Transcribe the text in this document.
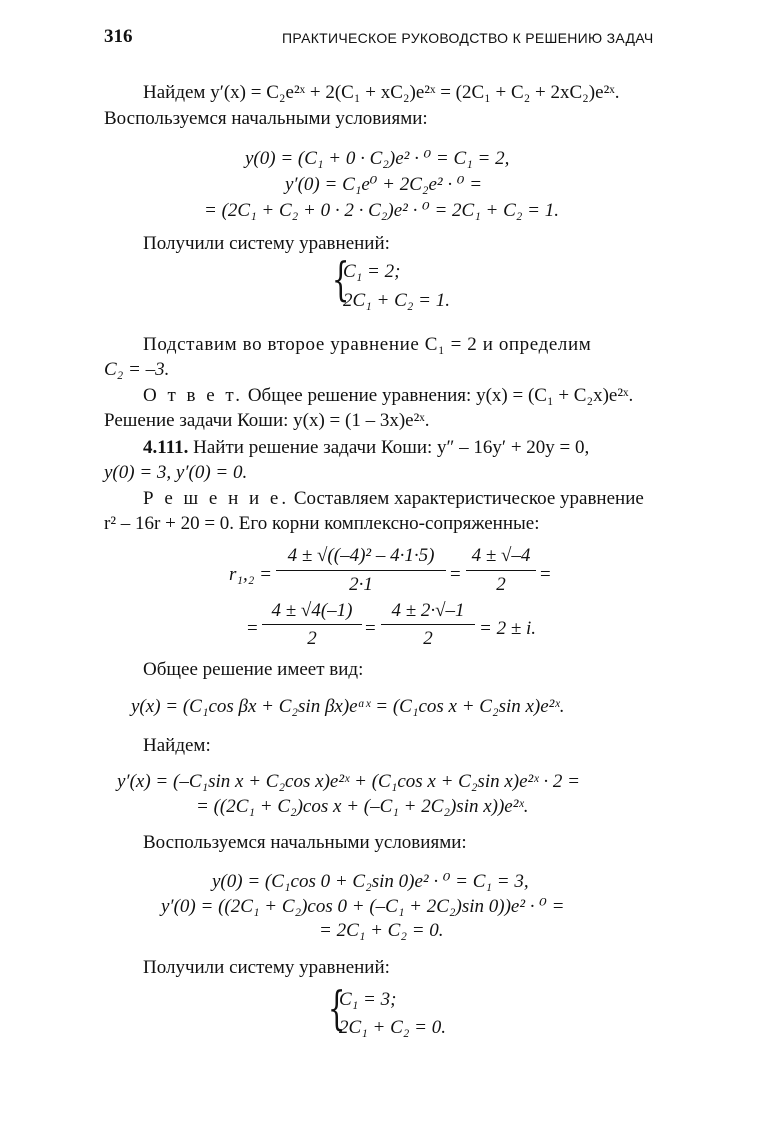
316	ПРАКТИЧЕСКОЕ РУКОВОДСТВО К РЕШЕНИЮ ЗАДАЧ
Найдем y′(x) = C₂e²ˣ + 2(C₁ + xC₂)e²ˣ = (2C₁ + C₂ + 2xC₂)e²ˣ.
Воспользуемся начальными условиями:
y(0) = (C₁ + 0 · C₂)e² · ⁰ = C₁ = 2,
y′(0) = C₁e⁰ + 2C₂e² · ⁰ =
= (2C₁ + C₂ + 0 · 2 · C₂)e² · ⁰ = 2C₁ + C₂ = 1.
Получили систему уравнений:
{
C₁ = 2;
2C₁ + C₂ = 1.
Подставим во второе уравнение C₁ = 2 и определим
C₂ = –3.
О т в е т. Общее решение уравнения: y(x) = (C₁ + C₂x)e²ˣ.
Решение задачи Коши: y(x) = (1 – 3x)e²ˣ.
4.111. Найти решение задачи Коши: y″ – 16y′ + 20y = 0,
y(0) = 3, y′(0) = 0.
Р е ш е н и е. Составляем характеристическое уравнение
r² – 16r + 20 = 0. Его корни комплексно-сопряженные:
r₁,₂ =
4 ± √((–4)² – 4·1·5)
2·1	=
4 ± √–4
2	=
=
4 ± √4(–1)
2	=
4 ± 2·√–1
2	= 2 ± i.
Общее решение имеет вид:
y(x) = (C₁cos βx + C₂sin βx)eᵅˣ = (C₁cos x + C₂sin x)e²ˣ.
Найдем:
y′(x) = (–C₁sin x + C₂cos x)e²ˣ + (C₁cos x + C₂sin x)e²ˣ · 2 =
= ((2C₁ + C₂)cos x + (–C₁ + 2C₂)sin x))e²ˣ.
Воспользуемся начальными условиями:
y(0) = (C₁cos 0 + C₂sin 0)e² · ⁰ = C₁ = 3,
y′(0) = ((2C₁ + C₂)cos 0 + (–C₁ + 2C₂)sin 0))e² · ⁰ =
= 2C₁ + C₂ = 0.
Получили систему уравнений:
{
C₁ = 3;
2C₁ + C₂ = 0.
